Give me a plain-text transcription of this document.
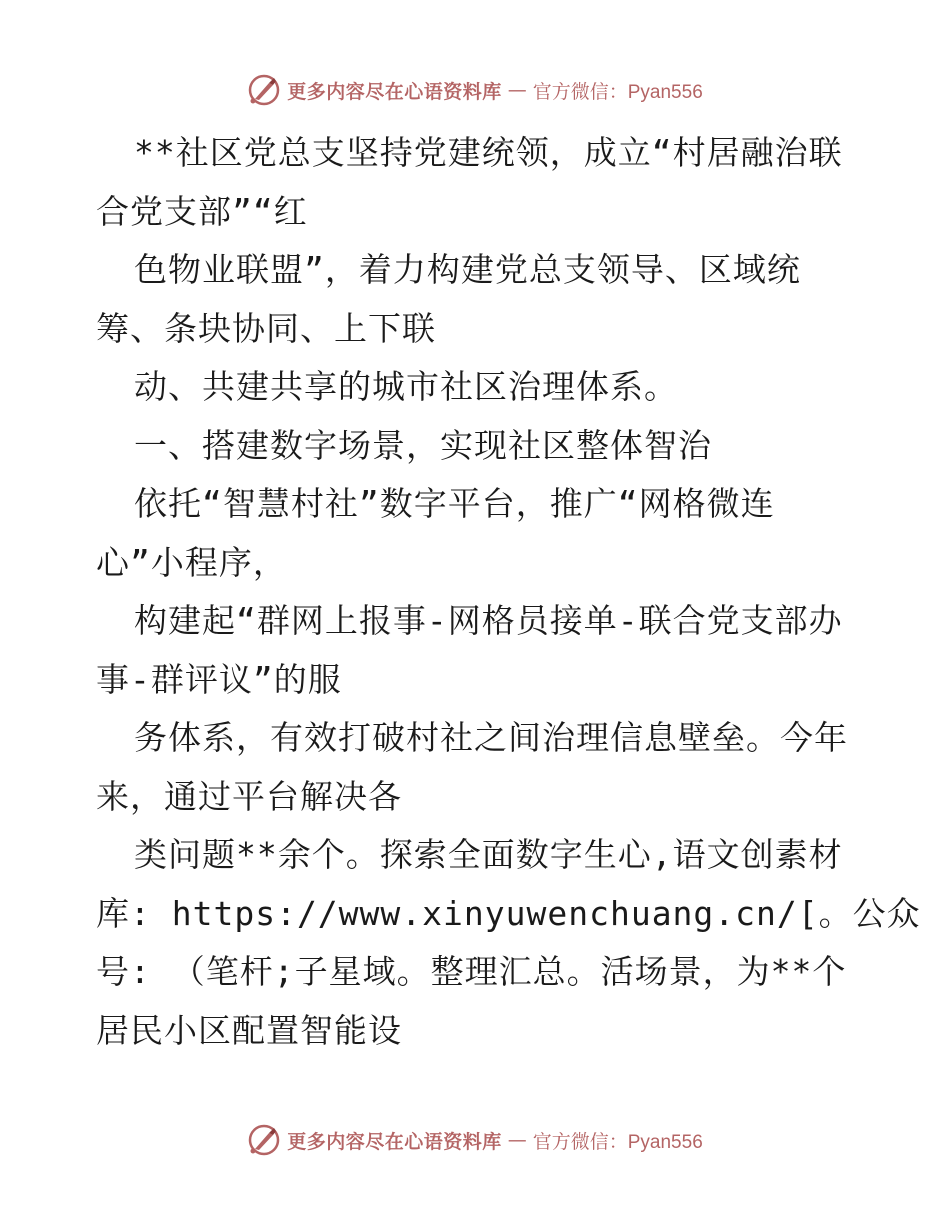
更多内容尽在心语资料库 — 官方微信：Pyan556
**社区党总支坚持党建统领，成立“村居融治联
合党支部”“红
色物业联盟”，着力构建党总支领导、区域统
筹、条块协同、上下联
动、共建共享的城市社区治理体系。
一、搭建数字场景，实现社区整体智治
依托“智慧村社”数字平台，推广“网格微连
心”小程序，
构建起“群网上报事-网格员接单-联合党支部办
事-群评议”的服
务体系，有效打破村社之间治理信息壁垒。今年
来，通过平台解决各
类问题**余个。探索全面数字生心,语文创素材
库: https://www.xinyuwenchuang.cn/[。公众
号: （笔杆;子星域。整理汇总。活场景，为**个
居民小区配置智能设
更多内容尽在心语资料库 — 官方微信：Pyan556
